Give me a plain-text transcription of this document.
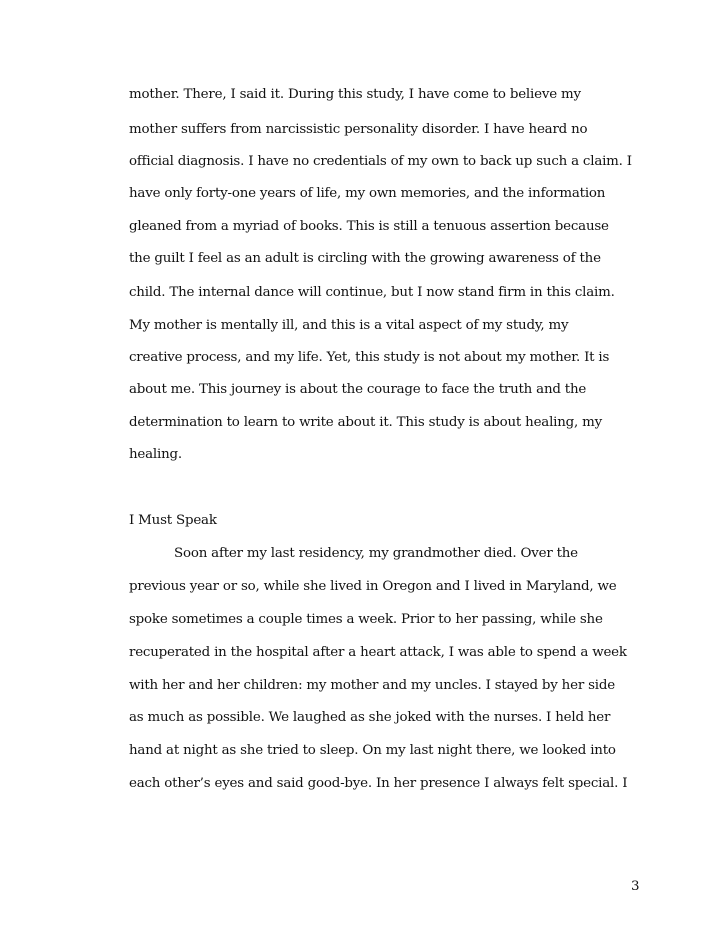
mother. There, I said it. During this study, I have come to believe my
mother suffers from narcissistic personality disorder. I have heard no
official diagnosis. I have no credentials of my own to back up such a claim. I
have only forty-one years of life, my own memories, and the information
gleaned from a myriad of books. This is still a tenuous assertion because
the guilt I feel as an adult is circling with the growing awareness of the
child. The internal dance will continue, but I now stand firm in this claim.
My mother is mentally ill, and this is a vital aspect of my study, my
creative process, and my life. Yet, this study is not about my mother. It is
about me. This journey is about the courage to face the truth and the
determination to learn to write about it. This study is about healing, my
healing.
I Must Speak
Soon after my last residency, my grandmother died. Over the
previous year or so, while she lived in Oregon and I lived in Maryland, we
spoke sometimes a couple times a week. Prior to her passing, while she
recuperated in the hospital after a heart attack, I was able to spend a week
with her and her children: my mother and my uncles. I stayed by her side
as much as possible. We laughed as she joked with the nurses. I held her
hand at night as she tried to sleep. On my last night there, we looked into
each other’s eyes and said good-bye. In her presence I always felt special. I
3
